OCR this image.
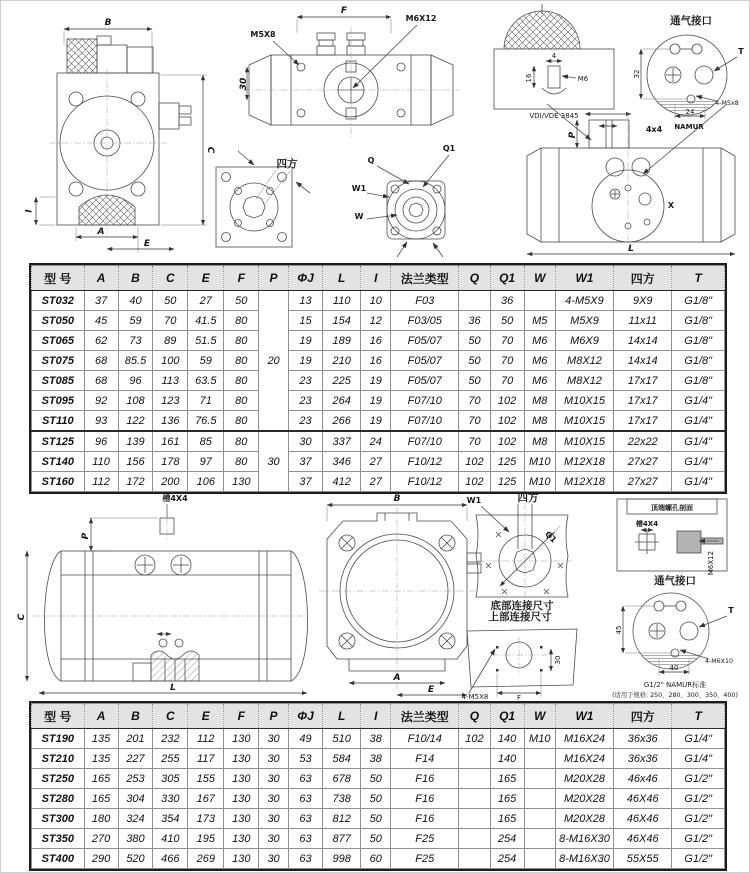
B
C
I
A
E
F
M5X8
M6X12
30
四方	Q
Q1
W1
W
4
16	M6
VDI/VDE 3845
通气接口
32
T
4-M5x8
24
NAMUR
4x4
P
X
L
型 号	A	B	C	E	F	P	ΦJ	L	I	法兰类型	Q	Q1	W	W1	四方	T
ST032	37	40	50	27	50	20	13	110	10	F03		36		4-M5X9	9X9	G1/8"
ST050	45	59	70	41.5	80		15	154	12	F03/05	36	50	M5	M5X9	11x11	G1/8"
ST065	62	73	89	51.5	80		19	189	16	F05/07	50	70	M6	M6X9	14x14	G1/8"
ST075	68	85.5	100	59	80		19	210	16	F05/07	50	70	M6	M8X12	14x14	G1/8"
ST085	68	96	113	63.5	80		23	225	19	F05/07	50	70	M6	M8X12	17x17	G1/8"
ST095	92	108	123	71	80		23	264	19	F07/10	70	102	M8	M10X15	17x17	G1/4"
ST110	93	122	136	76.5	80		23	266	19	F07/10	70	102	M8	M10X15	17x17	G1/4"
ST125	96	139	161	85	80	30	30	337	24	F07/10	70	102	M8	M10X15	22x22	G1/4"
ST140	110	156	178	97	80		37	346	27	F10/12	102	125	M10	M12X18	27x27	G1/4"
ST160	112	172	200	106	130		37	412	27	F10/12	102	125	M10	M12X18	27x27	G1/4"
槽4X4
P
C
L
B
A
E
四方
W1
Q1
底部连接尺寸
上部连接尺寸
30
F
4-M5X8
顶端螺孔剖面
槽4X4
M6X12
通气接口
45
T
4-M6X10
40
G1/2" NAMUR标准
(适用于规格: 250、280、300、350、400)
型 号	A	B	C	E	F	P	ΦJ	L	I	法兰类型	Q	Q1	W	W1	四方	T
ST190	135	201	232	112	130	30	49	510	38	F10/14	102	140	M10	M16X24	36x36	G1/4"
ST210	135	227	255	117	130	30	53	584	38	F14		140		M16X24	36x36	G1/4"
ST250	165	253	305	155	130	30	63	678	50	F16		165		M20X28	46x46	G1/2"
ST280	165	304	330	167	130	30	63	738	50	F16		165		M20X28	46X46	G1/2"
ST300	180	324	354	173	130	30	63	812	50	F16		165		M20X28	46X46	G1/2"
ST350	270	380	410	195	130	30	63	877	50	F25		254		8-M16X30	46X46	G1/2"
ST400	290	520	466	269	130	30	63	998	60	F25		254		8-M16X30	55X55	G1/2"
